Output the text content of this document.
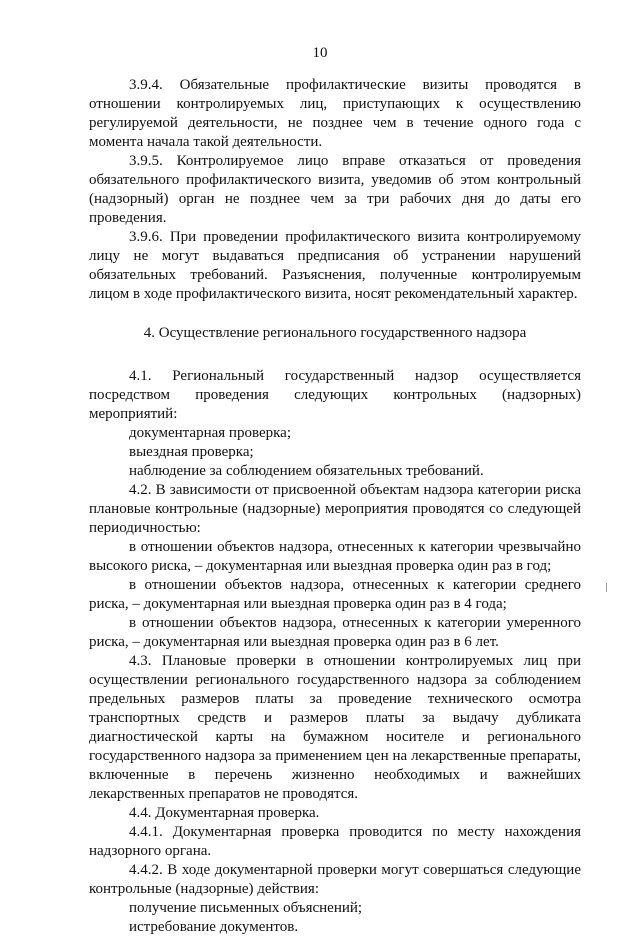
10

3.9.4. Обязательные профилактические визиты проводятся в отношении контролируемых лиц, приступающих к осуществлению регулируемой деятельности, не позднее чем в течение одного года с момента начала такой деятельности.

3.9.5. Контролируемое лицо вправе отказаться от проведения обязательного профилактического визита, уведомив об этом контрольный (надзорный) орган не позднее чем за три рабочих дня до даты его проведения.

3.9.6. При проведении профилактического визита контролируемому лицу не могут выдаваться предписания об устранении нарушений обязательных требований. Разъяснения, полученные контролируемым лицом в ходе профилактического визита, носят рекомендательный характер.

4. Осуществление регионального государственного надзора

4.1. Региональный государственный надзор осуществляется посредством проведения следующих контрольных (надзорных) мероприятий:

документарная проверка;

выездная проверка;

наблюдение за соблюдением обязательных требований.

4.2. В зависимости от присвоенной объектам надзора категории риска плановые контрольные (надзорные) мероприятия проводятся со следующей периодичностью:

в отношении объектов надзора, отнесенных к категории чрезвычайно высокого риска, – документарная или выездная проверка один раз в год;

в отношении объектов надзора, отнесенных к категории среднего риска, – документарная или выездная проверка один раз в 4 года;

в отношении объектов надзора, отнесенных к категории умеренного риска, – документарная или выездная проверка один раз в 6 лет.

4.3. Плановые проверки в отношении контролируемых лиц при осуществлении регионального государственного надзора за соблюдением предельных размеров платы за проведение технического осмотра транспортных средств и размеров платы за выдачу дубликата диагностической карты на бумажном носителе и регионального государственного надзора за применением цен на лекарственные препараты, включенные в перечень жизненно необходимых и важнейших лекарственных препаратов не проводятся.

4.4. Документарная проверка.

4.4.1. Документарная проверка проводится по месту нахождения надзорного органа.

4.4.2. В ходе документарной проверки могут совершаться следующие контрольные (надзорные) действия:

получение письменных объяснений;

истребование документов.
